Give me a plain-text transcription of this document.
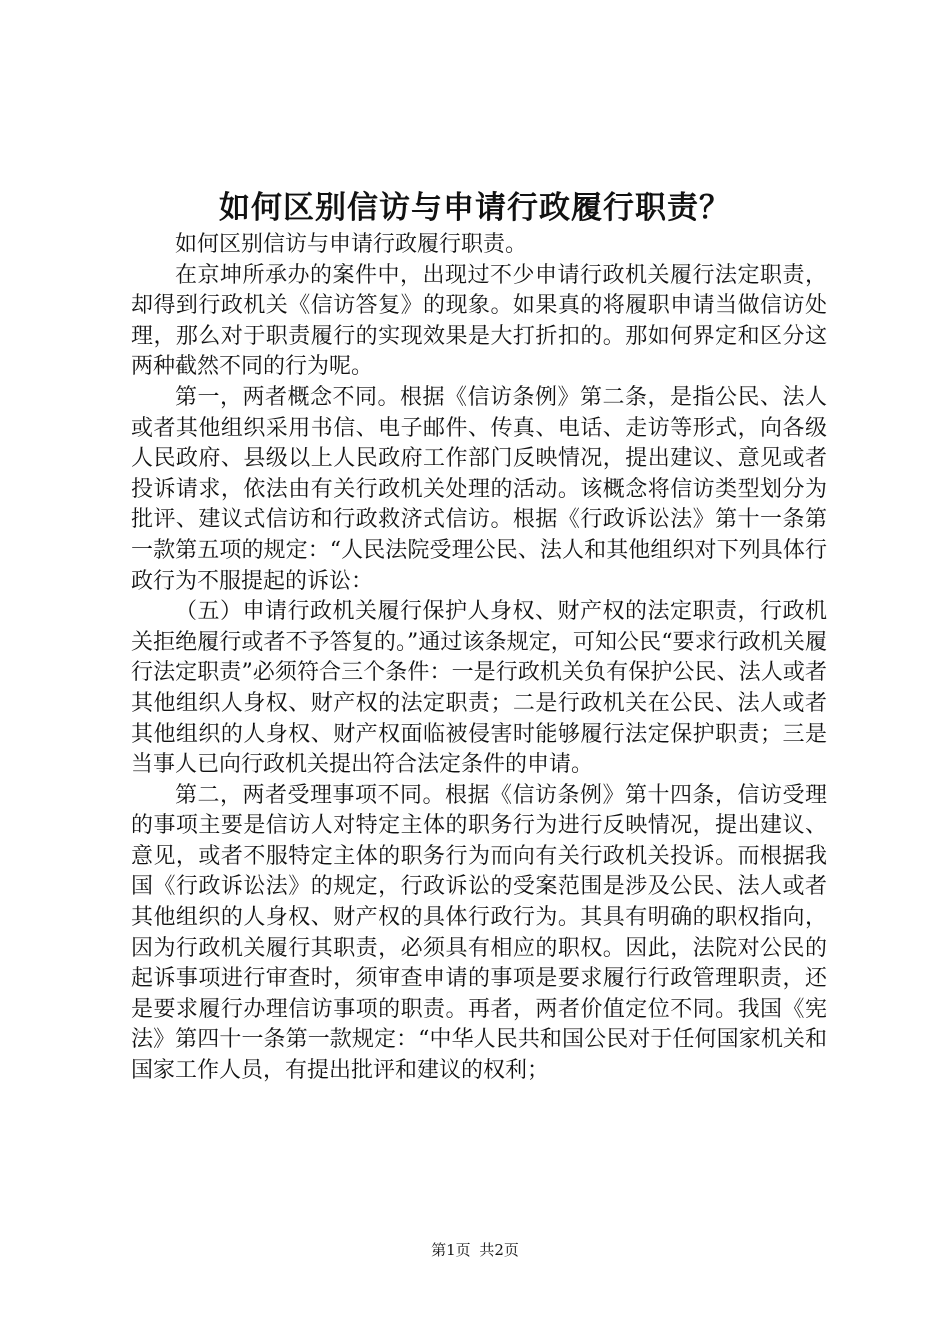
如何区别信访与申请行政履行职责？

如何区别信访与申请行政履行职责。

在京坤所承办的案件中，出现过不少申请行政机关履行法定职责，却得到行政机关《信访答复》的现象。如果真的将履职申请当做信访处理，那么对于职责履行的实现效果是大打折扣的。那如何界定和区分这两种截然不同的行为呢。

第一，两者概念不同。根据《信访条例》第二条，是指公民、法人或者其他组织采用书信、电子邮件、传真、电话、走访等形式，向各级人民政府、县级以上人民政府工作部门反映情况，提出建议、意见或者投诉请求，依法由有关行政机关处理的活动。该概念将信访类型划分为批评、建议式信访和行政救济式信访。根据《行政诉讼法》第十一条第一款第五项的规定：“人民法院受理公民、法人和其他组织对下列具体行政行为不服提起的诉讼：

（五）申请行政机关履行保护人身权、财产权的法定职责，行政机关拒绝履行或者不予答复的。”通过该条规定，可知公民“要求行政机关履行法定职责”必须符合三个条件：一是行政机关负有保护公民、法人或者其他组织人身权、财产权的法定职责；二是行政机关在公民、法人或者其他组织的人身权、财产权面临被侵害时能够履行法定保护职责；三是当事人已向行政机关提出符合法定条件的申请。

第二，两者受理事项不同。根据《信访条例》第十四条，信访受理的事项主要是信访人对特定主体的职务行为进行反映情况，提出建议、意见，或者不服特定主体的职务行为而向有关行政机关投诉。而根据我国《行政诉讼法》的规定，行政诉讼的受案范围是涉及公民、法人或者其他组织的人身权、财产权的具体行政行为。其具有明确的职权指向，因为行政机关履行其职责，必须具有相应的职权。因此，法院对公民的起诉事项进行审查时，须审查申请的事项是要求履行行政管理职责，还是要求履行办理信访事项的职责。再者，两者价值定位不同。我国《宪法》第四十一条第一款规定：“中华人民共和国公民对于任何国家机关和国家工作人员，有提出批评和建议的权利；

第1页 共2页
